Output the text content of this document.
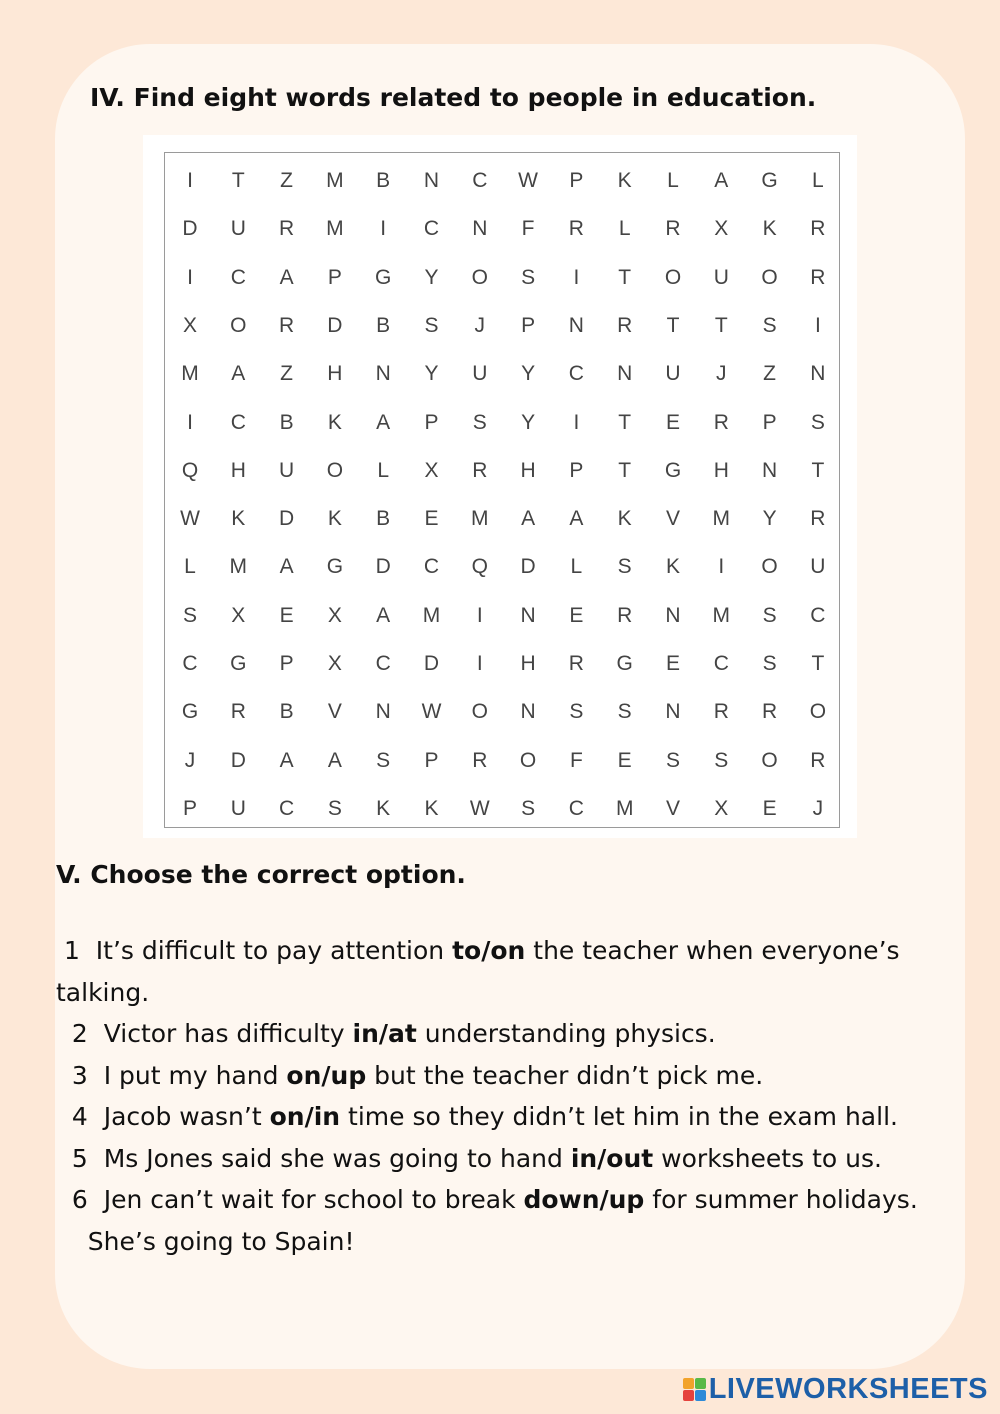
IV. Find eight words related to people in education.
I	T	Z	M	B	N	C	W	P	K	L	A	G	L
D	U	R	M	I	C	N	F	R	L	R	X	K	R
I	C	A	P	G	Y	O	S	I	T	O	U	O	R
X	O	R	D	B	S	J	P	N	R	T	T	S	I
M	A	Z	H	N	Y	U	Y	C	N	U	J	Z	N
I	C	B	K	A	P	S	Y	I	T	E	R	P	S
Q	H	U	O	L	X	R	H	P	T	G	H	N	T
W	K	D	K	B	E	M	A	A	K	V	M	Y	R
L	M	A	G	D	C	Q	D	L	S	K	I	O	U
S	X	E	X	A	M	I	N	E	R	N	M	S	C
C	G	P	X	C	D	I	H	R	G	E	C	S	T
G	R	B	V	N	W	O	N	S	S	N	R	R	O
J	D	A	A	S	P	R	O	F	E	S	S	O	R
P	U	C	S	K	K	W	S	C	M	V	X	E	J
V. Choose the correct option.

1 It’s difficult to pay attention to/on the teacher when everyone’s talking.

2 Victor has difficulty in/at understanding physics.

3 I put my hand on/up but the teacher didn’t pick me.

4 Jacob wasn’t on/in time so they didn’t let him in the exam hall.

5 Ms Jones said she was going to hand in/out worksheets to us.

6 Jen can’t wait for school to break down/up for summer holidays.

She’s going to Spain!

LIVEWORKSHEETS
